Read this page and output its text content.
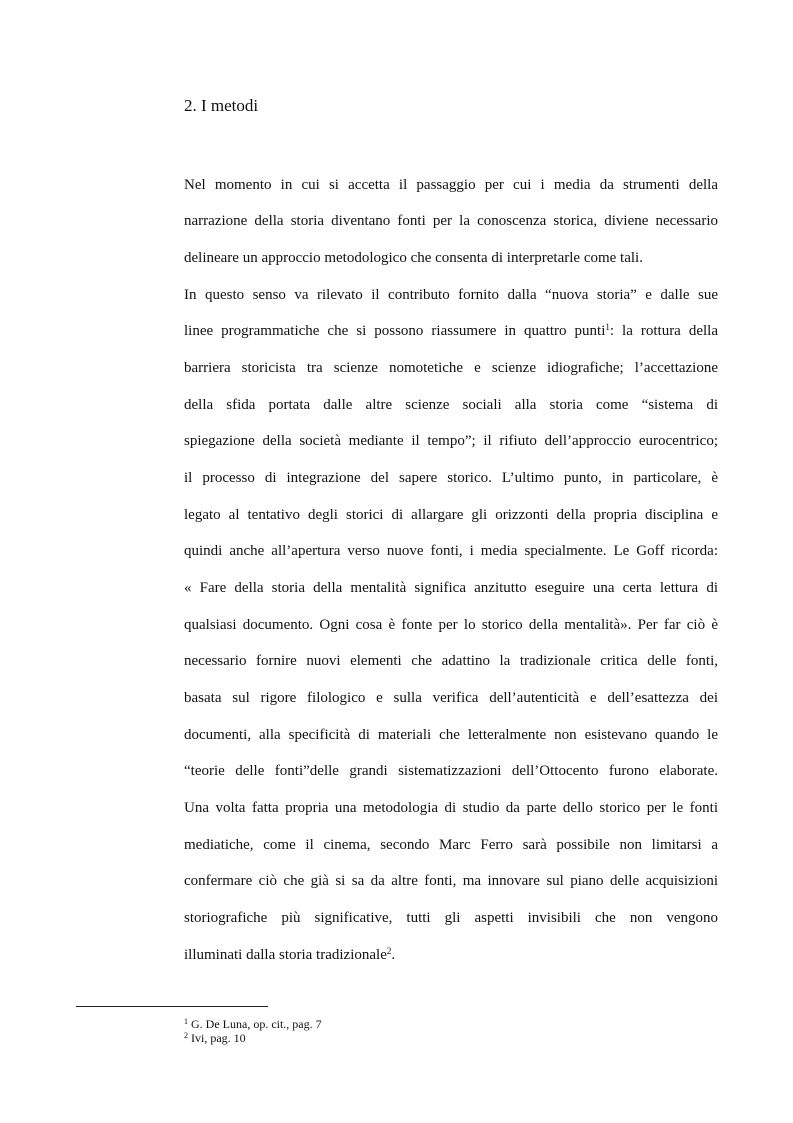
2. I metodi
Nel momento in cui si accetta il passaggio per cui i media da strumenti della
narrazione della storia diventano fonti per la conoscenza storica, diviene necessario
delineare un approccio metodologico che consenta di interpretarle come tali.
In questo senso va rilevato il contributo fornito dalla “nuova storia” e dalle sue
linee programmatiche che si possono riassumere in quattro punti$^1$: la rottura della
barriera storicista tra scienze nomotetiche e scienze idiografiche; l’accettazione
della sfida portata dalle altre scienze sociali alla storia come “sistema di
spiegazione della società mediante il tempo”; il rifiuto dell’approccio eurocentrico;
il processo di integrazione del sapere storico. L’ultimo punto, in particolare, è
legato al tentativo degli storici di allargare gli orizzonti della propria disciplina e
quindi anche all’apertura verso nuove fonti, i media specialmente. Le Goff ricorda:
« Fare della storia della mentalità significa anzitutto eseguire una certa lettura di
qualsiasi documento. Ogni cosa è fonte per lo storico della mentalità». Per far ciò è
necessario fornire nuovi elementi che adattino la tradizionale critica delle fonti,
basata sul rigore filologico e sulla verifica dell’autenticità e dell’esattezza dei
documenti, alla specificità di materiali che letteralmente non esistevano quando le
“teorie delle fonti”delle grandi sistematizzazioni dell’Ottocento furono elaborate.
Una volta fatta propria una metodologia di studio da parte dello storico per le fonti
mediatiche, come il cinema, secondo Marc Ferro sarà possibile non limitarsi a
confermare ciò che già si sa da altre fonti, ma innovare sul piano delle acquisizioni
storiografiche più significative, tutti gli aspetti invisibili che non vengono
illuminati dalla storia tradizionale$^2$.
$^1$ G. De Luna, op. cit., pag. 7
$^2$ Ivi, pag. 10
